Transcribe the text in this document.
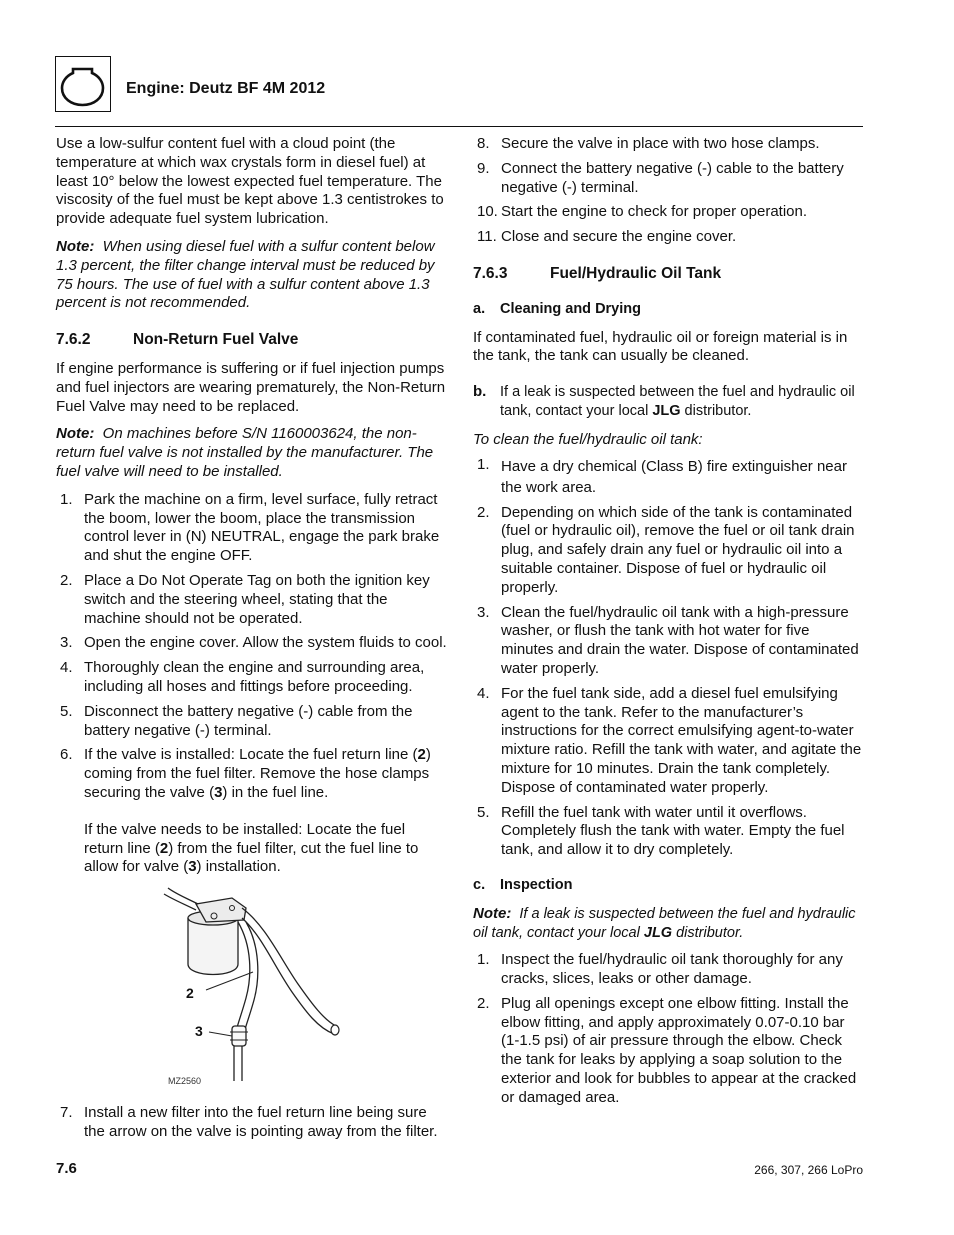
Engine: Deutz BF 4M 2012

Use a low-sulfur content fuel with a cloud point (the temperature at which wax crystals form in diesel fuel) at least 10° below the lowest expected fuel temperature. The viscosity of the fuel must be kept above 1.3 centistrokes to provide adequate fuel system lubrication.

Note: When using diesel fuel with a sulfur content below 1.3 percent, the filter change interval must be reduced by 75 hours. The use of fuel with a sulfur content above 1.3 percent is not recommended.

7.6.2	Non-Return Fuel Valve

If engine performance is suffering or if fuel injection pumps and fuel injectors are wearing prematurely, the Non-Return Fuel Valve may need to be replaced.

Note: On machines before S/N 1160003624, the non-return fuel valve is not installed by the manufacturer. The fuel valve will need to be installed.

1. Park the machine on a firm, level surface, fully retract the boom, lower the boom, place the transmission control lever in (N) NEUTRAL, engage the park brake and shut the engine OFF.
2. Place a Do Not Operate Tag on both the ignition key switch and the steering wheel, stating that the machine should not be operated.
3. Open the engine cover. Allow the system fluids to cool.
4. Thoroughly clean the engine and surrounding area, including all hoses and fittings before proceeding.
5. Disconnect the battery negative (-) cable from the battery negative (-) terminal.
6. If the valve is installed: Locate the fuel return line (2) coming from the fuel filter. Remove the hose clamps securing the valve (3) in the fuel line.
If the valve needs to be installed: Locate the fuel return line (2) from the fuel filter, cut the fuel line to allow for valve (3) installation.
2
3
MZ2560
7. Install a new filter into the fuel return line being sure the arrow on the valve is pointing away from the filter.
8. Secure the valve in place with two hose clamps.
9. Connect the battery negative (-) cable to the battery negative (-) terminal.
10. Start the engine to check for proper operation.
11. Close and secure the engine cover.
7.6.3	Fuel/Hydraulic Oil Tank
a. Cleaning and Drying

If contaminated fuel, hydraulic oil or foreign material is in the tank, the tank can usually be cleaned.

b. If a leak is suspected between the fuel and hydraulic oil tank, contact your local JLG distributor.

To clean the fuel/hydraulic oil tank:

1. Have a dry chemical (Class B) fire extinguisher near the work area.
2. Depending on which side of the tank is contaminated (fuel or hydraulic oil), remove the fuel or oil tank drain plug, and safely drain any fuel or hydraulic oil into a suitable container. Dispose of fuel or hydraulic oil properly.
3. Clean the fuel/hydraulic oil tank with a high-pressure washer, or flush the tank with hot water for five minutes and drain the water. Dispose of contaminated water properly.
4. For the fuel tank side, add a diesel fuel emulsifying agent to the tank. Refer to the manufacturer’s instructions for the correct emulsifying agent-to-water mixture ratio. Refill the tank with water, and agitate the mixture for 10 minutes. Drain the tank completely. Dispose of contaminated water properly.
5. Refill the fuel tank with water until it overflows. Completely flush the tank with water. Empty the fuel tank, and allow it to dry completely.
c. Inspection

Note: If a leak is suspected between the fuel and hydraulic oil tank, contact your local JLG distributor.

1. Inspect the fuel/hydraulic oil tank thoroughly for any cracks, slices, leaks or other damage.
2. Plug all openings except one elbow fitting. Install the elbow fitting, and apply approximately 0.07-0.10 bar (1-1.5 psi) of air pressure through the elbow. Check the tank for leaks by applying a soap solution to the exterior and look for bubbles to appear at the cracked or damaged area.
7.6	266, 307, 266 LoPro
